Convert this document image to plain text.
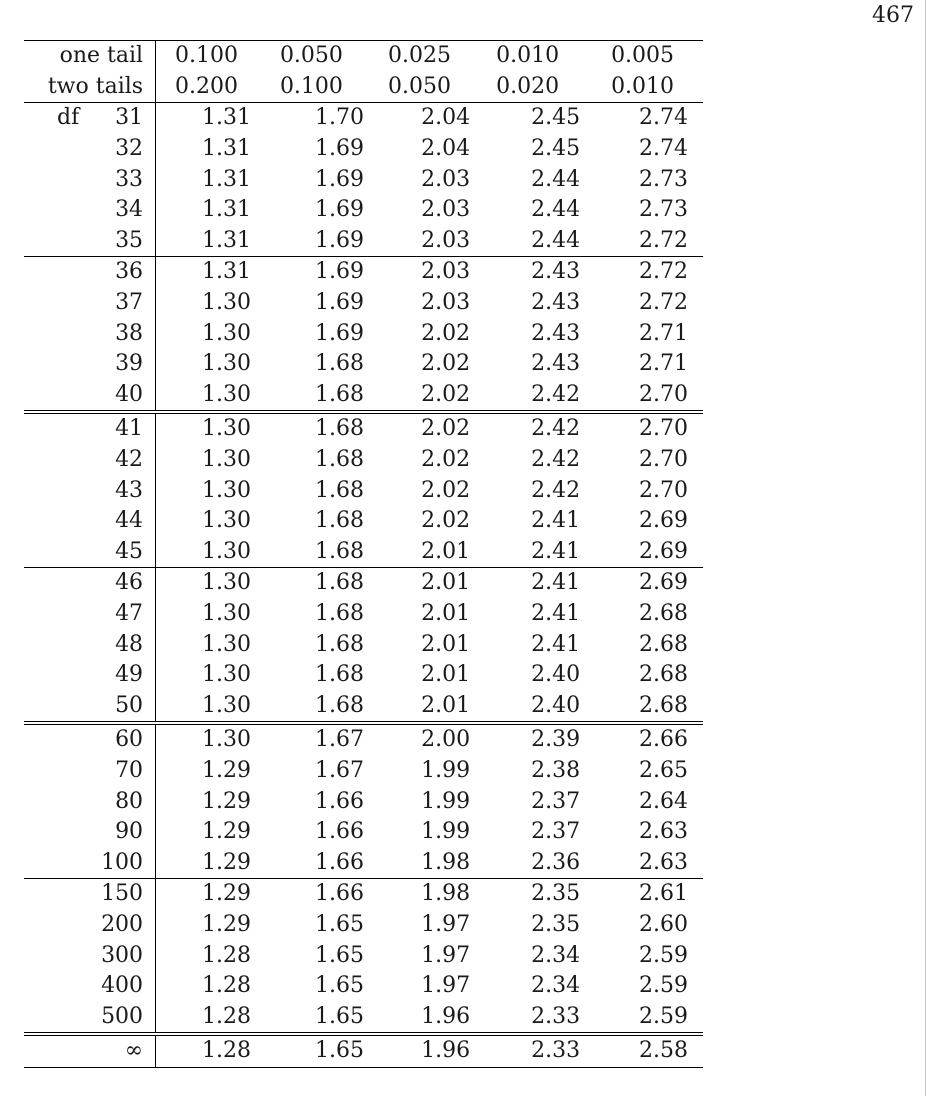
467
one tail	0.100	0.050	0.025	0.010	0.005
two tails	0.200	0.100	0.050	0.020	0.010

df 31	1.31	1.70	2.04	2.45	2.74
32	1.31	1.69	2.04	2.45	2.74
33	1.31	1.69	2.03	2.44	2.73
34	1.31	1.69	2.03	2.44	2.73
35	1.31	1.69	2.03	2.44	2.72
36	1.31	1.69	2.03	2.43	2.72
37	1.30	1.69	2.03	2.43	2.72
38	1.30	1.69	2.02	2.43	2.71
39	1.30	1.68	2.02	2.43	2.71
40	1.30	1.68	2.02	2.42	2.70
41	1.30	1.68	2.02	2.42	2.70
42	1.30	1.68	2.02	2.42	2.70
43	1.30	1.68	2.02	2.42	2.70
44	1.30	1.68	2.02	2.41	2.69
45	1.30	1.68	2.01	2.41	2.69
46	1.30	1.68	2.01	2.41	2.69
47	1.30	1.68	2.01	2.41	2.68
48	1.30	1.68	2.01	2.41	2.68
49	1.30	1.68	2.01	2.40	2.68
50	1.30	1.68	2.01	2.40	2.68
60	1.30	1.67	2.00	2.39	2.66
70	1.29	1.67	1.99	2.38	2.65
80	1.29	1.66	1.99	2.37	2.64
90	1.29	1.66	1.99	2.37	2.63
100	1.29	1.66	1.98	2.36	2.63
150	1.29	1.66	1.98	2.35	2.61
200	1.29	1.65	1.97	2.35	2.60
300	1.28	1.65	1.97	2.34	2.59
400	1.28	1.65	1.97	2.34	2.59
500	1.28	1.65	1.96	2.33	2.59
∞	1.28	1.65	1.96	2.33	2.58
